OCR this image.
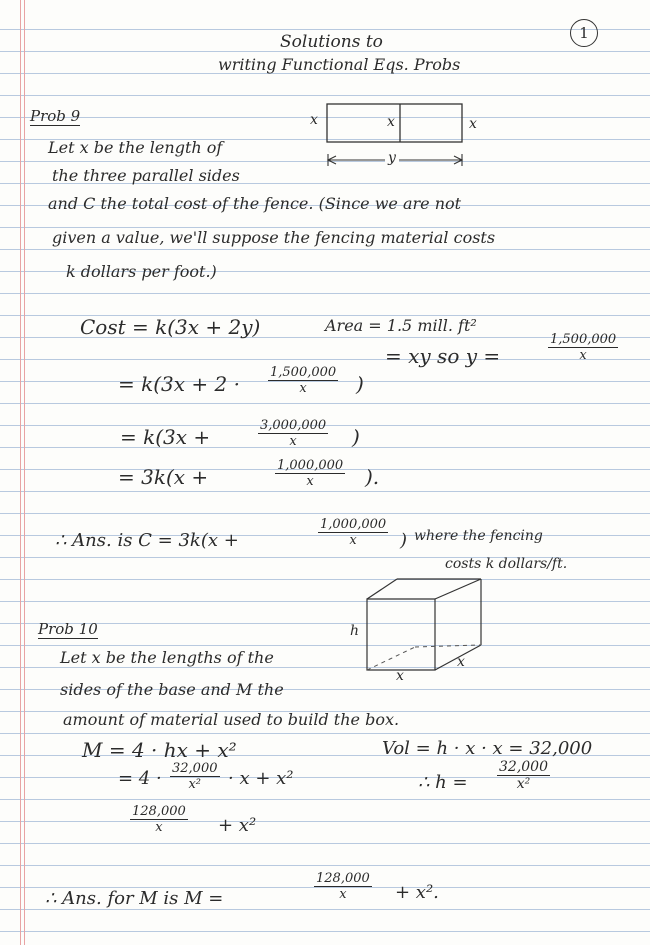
1
Solutions to
writing Functional Eqs. Probs
Prob 9	x	x	x
y
Let x be the length of
the three parallel sides
and C the total cost of the fence. (Since we are not
given a value, we'll suppose the fencing material costs
k dollars per foot.)
Cost = k(3x + 2y)	Area = 1.5 mill. ft²
= xy so y =	$\frac{1,500,000}{x}$
= $k(3x + 2 \cdot \frac{1,500,000}{x}$ )
= k(3x +	$\frac{3,000,000}{x}$ )
= 3k(x +	$\frac{1,000,000}{x}$ ).
∴ Ans. is C = 3k(x +	$\frac{1,000,000}{x}$ ) where the fencing
costs k dollars/ft.
Prob 10	h
x
x
Let x be the lengths of the
sides of the base and M the
amount of material used to build the box.
M = 4 · hx + x²	Vol = h · x · x = 32,000
= $4 \cdot \frac{32,000}{\text{x²}} \cdot x + x^2$	∴ $h = \frac{32,000}{\text{x²}}$
$\frac{128,000}{x} + x^2$
∴ Ans. for M is M =	$\frac{128,000}{x} + x^2$.
